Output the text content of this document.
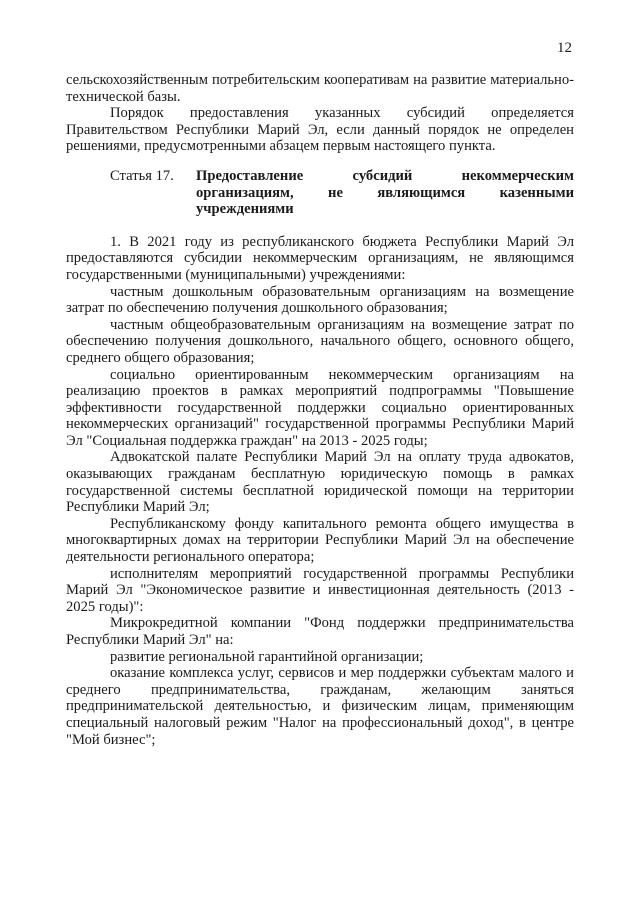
12

сельскохозяйственным потребительским кооперативам на развитие материально-технической базы.

Порядок предоставления указанных субсидий определяется Правительством Республики Марий Эл, если данный порядок не определен решениями, предусмотренными абзацем первым настоящего пункта.

Статья 17.	Предоставление субсидий некоммерческим организациям, не являющимся казенными учреждениями

1. В 2021 году из республиканского бюджета Республики Марий Эл предоставляются субсидии некоммерческим организациям, не являющимся государственными (муниципальными) учреждениями:

частным дошкольным образовательным организациям на возмещение затрат по обеспечению получения дошкольного образования;

частным общеобразовательным организациям на возмещение затрат по обеспечению получения дошкольного, начального общего, основного общего, среднего общего образования;

социально ориентированным некоммерческим организациям на реализацию проектов в рамках мероприятий подпрограммы "Повышение эффективности государственной поддержки социально ориентированных некоммерческих организаций" государственной программы Республики Марий Эл "Социальная поддержка граждан" на 2013 - 2025 годы;

Адвокатской палате Республики Марий Эл на оплату труда адвокатов, оказывающих гражданам бесплатную юридическую помощь в рамках государственной системы бесплатной юридической помощи на территории Республики Марий Эл;

Республиканскому фонду капитального ремонта общего имущества в многоквартирных домах на территории Республики Марий Эл на обеспечение деятельности регионального оператора;

исполнителям мероприятий государственной программы Республики Марий Эл "Экономическое развитие и инвестиционная деятельность (2013 - 2025 годы)":

Микрокредитной компании "Фонд поддержки предпринимательства Республики Марий Эл" на:

развитие региональной гарантийной организации;

оказание комплекса услуг, сервисов и мер поддержки субъектам малого и среднего предпринимательства, гражданам, желающим заняться предпринимательской деятельностью, и физическим лицам, применяющим специальный налоговый режим "Налог на профессиональный доход", в центре "Мой бизнес";
